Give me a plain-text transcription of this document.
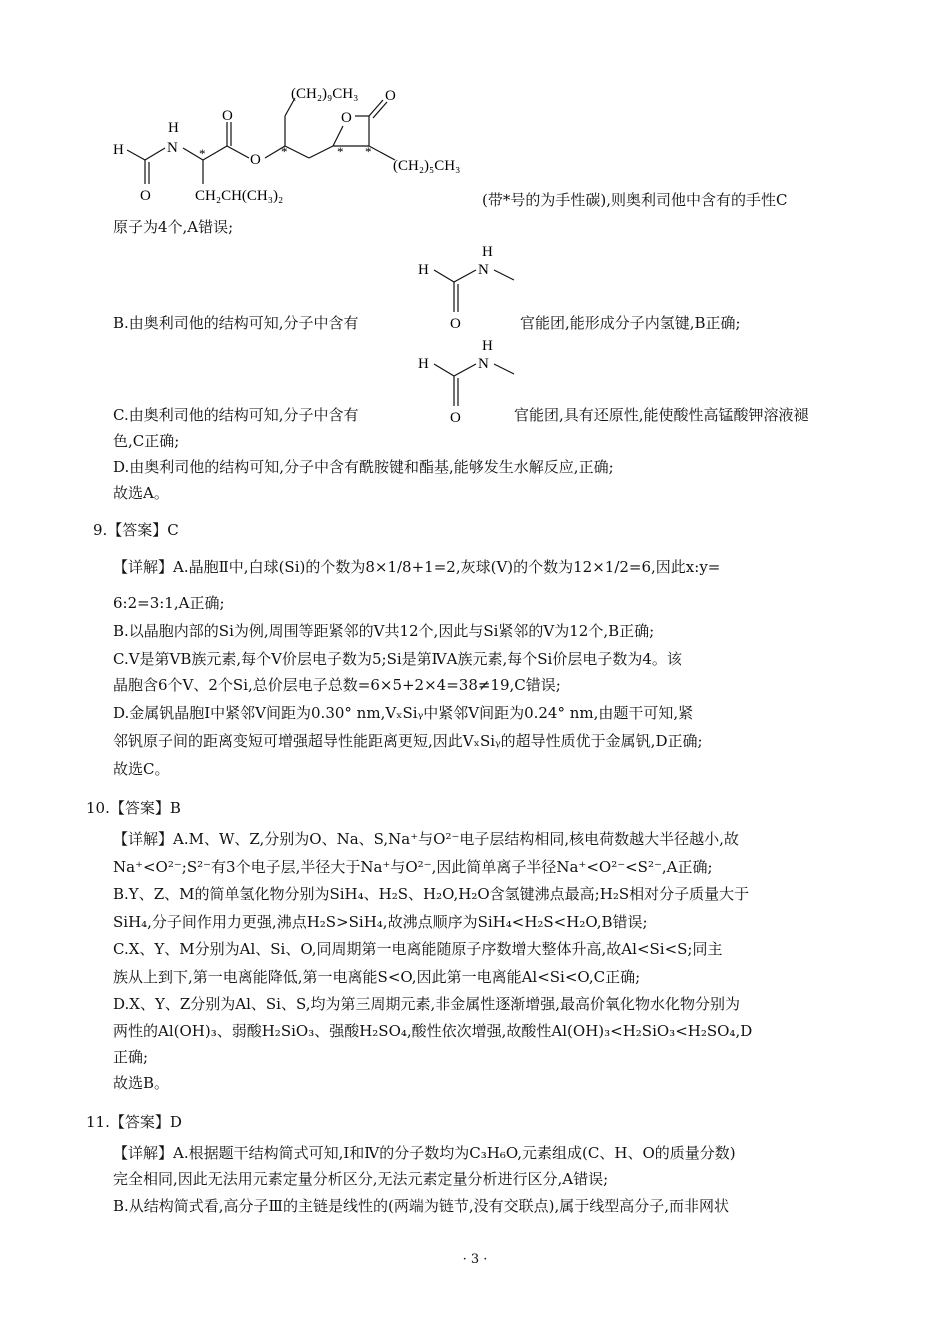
H
H
N
O
O
O
O
O
(CH₂)₉CH₃
CH₂CH(CH₃)₂
(CH₂)₅CH₃
*	*	* *
(带*号的为手性碳),则奥利司他中含有的手性C
原子为4个,A错误;
H
H
N
O
B.由奥利司他的结构可知,分子中含有	官能团,能形成分子内氢键,B正确;
H
H
N
O
C.由奥利司他的结构可知,分子中含有	官能团,具有还原性,能使酸性高锰酸钾溶液褪
色,C正确;
D.由奥利司他的结构可知,分子中含有酰胺键和酯基,能够发生水解反应,正确;
故选A。
9.【答案】C
【详解】A.晶胞Ⅱ中,白球(Si)的个数为8×1/8+1=2,灰球(V)的个数为12×1/2=6,因此x:y=
6:2=3:1,A正确;
B.以晶胞内部的Si为例,周围等距紧邻的V共12个,因此与Si紧邻的V为12个,B正确;
C.V是第ⅤB族元素,每个V价层电子数为5;Si是第ⅣA族元素,每个Si价层电子数为4。该
晶胞含6个V、2个Si,总价层电子总数=6×5+2×4=38≠19,C错误;
D.金属钒晶胞Ⅰ中紧邻V间距为0.30° nm,VₓSiᵧ中紧邻V间距为0.24° nm,由题干可知,紧
邻钒原子间的距离变短可增强超导性能距离更短,因此VₓSiᵧ的超导性质优于金属钒,D正确;
故选C。
10.【答案】B
【详解】A.M、W、Z,分别为O、Na、S,Na⁺与O²⁻电子层结构相同,核电荷数越大半径越小,故
Na⁺<O²⁻;S²⁻有3个电子层,半径大于Na⁺与O²⁻,因此简单离子半径Na⁺<O²⁻<S²⁻,A正确;
B.Y、Z、M的简单氢化物分别为SiH₄、H₂S、H₂O,H₂O含氢键沸点最高;H₂S相对分子质量大于
SiH₄,分子间作用力更强,沸点H₂S>SiH₄,故沸点顺序为SiH₄<H₂S<H₂O,B错误;
C.X、Y、M分别为Al、Si、O,同周期第一电离能随原子序数增大整体升高,故Al<Si<S;同主
族从上到下,第一电离能降低,第一电离能S<O,因此第一电离能Al<Si<O,C正确;
D.X、Y、Z分别为Al、Si、S,均为第三周期元素,非金属性逐渐增强,最高价氧化物水化物分别为
两性的Al(OH)₃、弱酸H₂SiO₃、强酸H₂SO₄,酸性依次增强,故酸性Al(OH)₃<H₂SiO₃<H₂SO₄,D
正确;
故选B。
11.【答案】D
【详解】A.根据题干结构简式可知,Ⅰ和Ⅳ的分子数均为C₃H₆O,元素组成(C、H、O的质量分数)
完全相同,因此无法用元素定量分析区分,无法元素定量分析进行区分,A错误;
B.从结构简式看,高分子Ⅲ的主链是线性的(两端为链节,没有交联点),属于线型高分子,而非网状
· 3 ·
